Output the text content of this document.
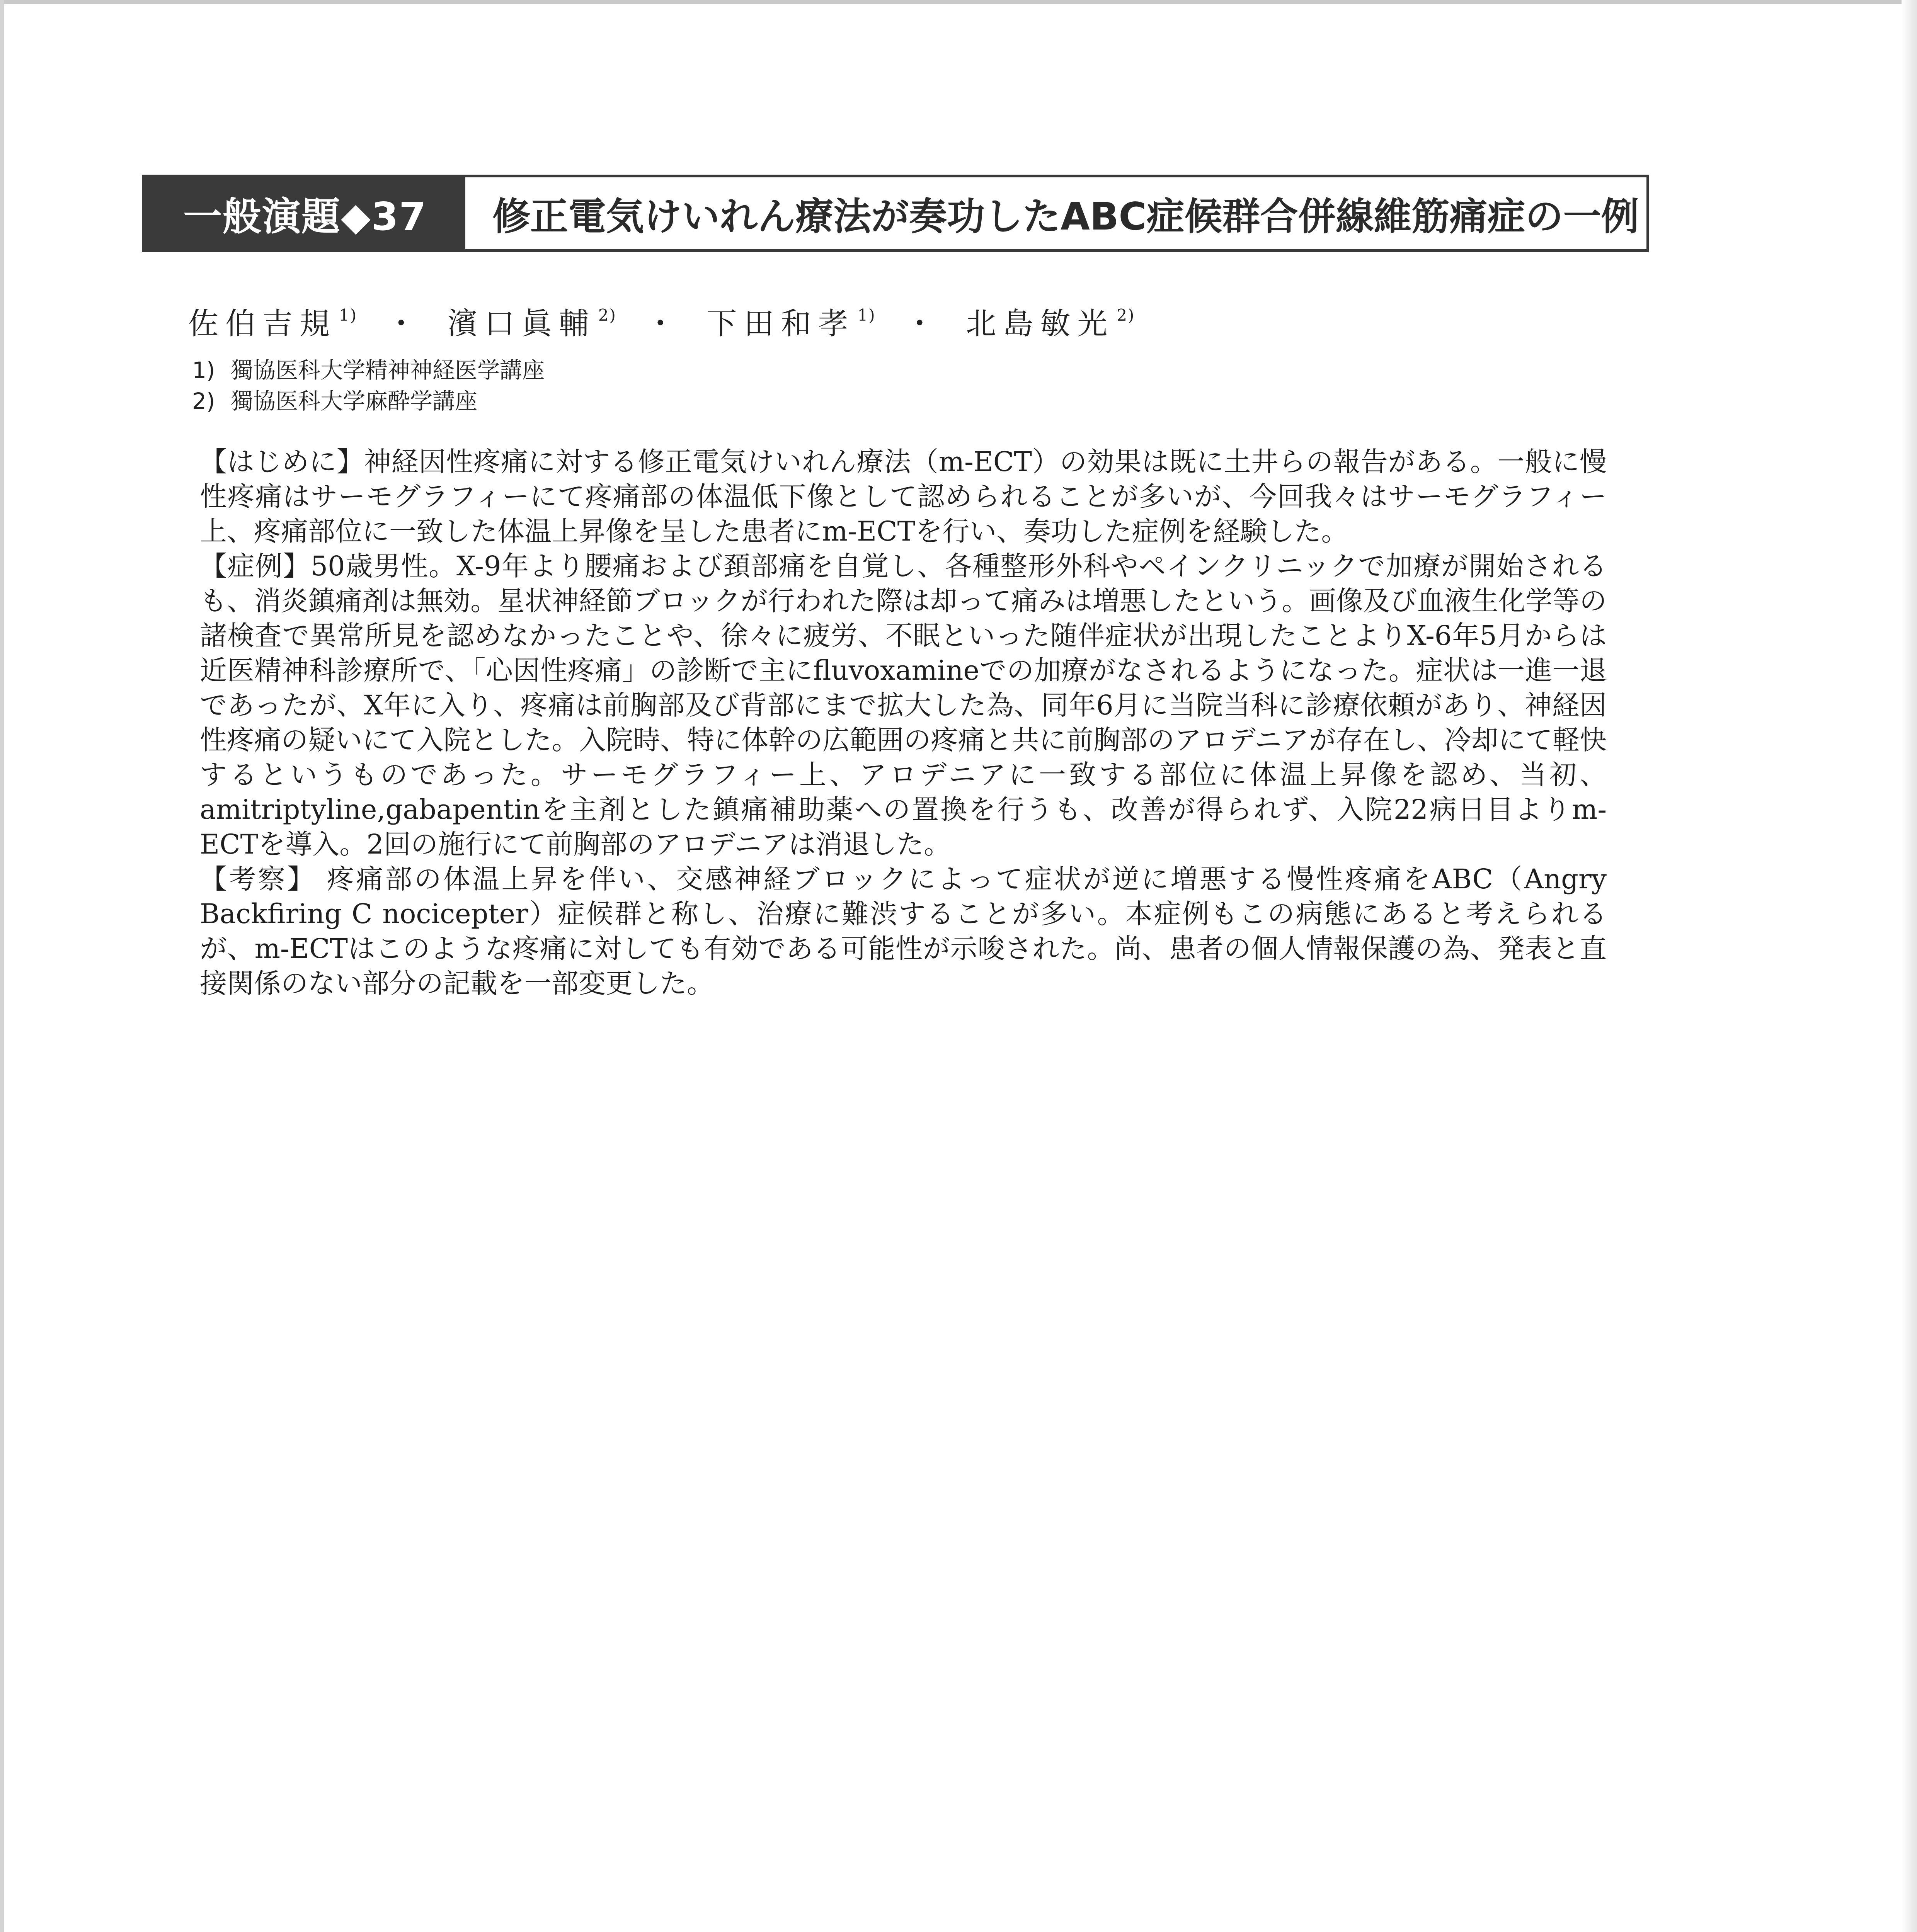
一般演題◆37	修正電気けいれん療法が奏功したABC症候群合併線維筋痛症の一例
佐伯吉規 $^{1)}$ ・ 濱口眞輔 $^{2)}$ ・ 下田和孝 $^{1)}$ ・ 北島敏光 $^{2)}$
1) 獨協医科大学精神神経医学講座
2) 獨協医科大学麻酔学講座

【はじめに】神経因性疼痛に対する修正電気けいれん療法（m-ECT）の効果は既に土井らの報告がある。一般に慢性疼痛はサーモグラフィーにて疼痛部の体温低下像として認められることが多いが、今回我々はサーモグラフィー上、疼痛部位に一致した体温上昇像を呈した患者にm-ECTを行い、奏功した症例を経験した。

【症例】50歳男性。X-9年より腰痛および頚部痛を自覚し、各種整形外科やペインクリニックで加療が開始されるも、消炎鎮痛剤は無効。星状神経節ブロックが行われた際は却って痛みは増悪したという。画像及び血液生化学等の諸検査で異常所見を認めなかったことや、徐々に疲労、不眠といった随伴症状が出現したことよりX-6年5月からは近医精神科診療所で、「心因性疼痛」の診断で主にfluvoxamineでの加療がなされるようになった。症状は一進一退であったが、X年に入り、疼痛は前胸部及び背部にまで拡大した為、同年6月に当院当科に診療依頼があり、神経因性疼痛の疑いにて入院とした。入院時、特に体幹の広範囲の疼痛と共に前胸部のアロデニアが存在し、冷却にて軽快するというものであった。サーモグラフィー上、アロデニアに一致する部位に体温上昇像を認め、当初、amitriptyline,gabapentinを主剤とした鎮痛補助薬への置換を行うも、改善が得られず、入院22病日目よりm-ECTを導入。2回の施行にて前胸部のアロデニアは消退した。

【考察】 疼痛部の体温上昇を伴い、交感神経ブロックによって症状が逆に増悪する慢性疼痛をABC（Angry Backfiring C nocicepter）症候群と称し、治療に難渋することが多い。本症例もこの病態にあると考えられるが、m-ECTはこのような疼痛に対しても有効である可能性が示唆された。尚、患者の個人情報保護の為、発表と直接関係のない部分の記載を一部変更した。
